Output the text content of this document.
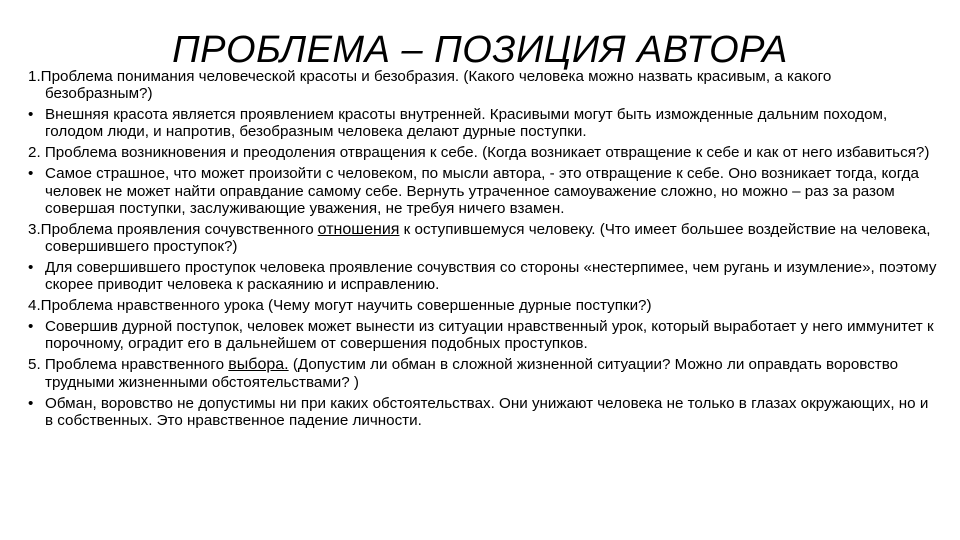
ПРОБЛЕМА – ПОЗИЦИЯ АВТОРА
1.Проблема понимания человеческой красоты и безобразия. (Какого человека можно назвать красивым, а какого безобразным?)
• Внешняя красота является проявлением красоты внутренней. Красивыми могут быть изможденные дальним походом, голодом люди, и напротив, безобразным человека делают дурные поступки.
2. Проблема возникновения и преодоления отвращения к себе. (Когда возникает отвращение к себе и как от него избавиться?)
• Самое страшное, что может произойти с человеком, по мысли автора, - это отвращение к себе. Оно возникает тогда, когда человек не может найти оправдание самому себе. Вернуть утраченное самоуважение сложно, но можно – раз за разом совершая поступки, заслуживающие уважения, не требуя ничего взамен.
3.Проблема проявления сочувственного отношения к оступившемуся человеку. (Что имеет большее воздействие на человека, совершившего проступок?)
• Для совершившего проступок человека проявление сочувствия со стороны «нестерпимее, чем ругань и изумление», поэтому скорее приводит человека к раскаянию и исправлению.
4.Проблема нравственного урока (Чему могут научить совершенные дурные поступки?)
• Совершив дурной поступок, человек может вынести из ситуации нравственный урок, который выработает у него иммунитет к порочному, оградит его в дальнейшем от совершения подобных проступков.
5. Проблема нравственного выбора. (Допустим ли обман в сложной жизненной ситуации? Можно ли оправдать воровство трудными жизненными обстоятельствами? )
• Обман, воровство не допустимы ни при каких обстоятельствах. Они унижают человека не только в глазах окружающих, но и в собственных. Это нравственное падение личности.
